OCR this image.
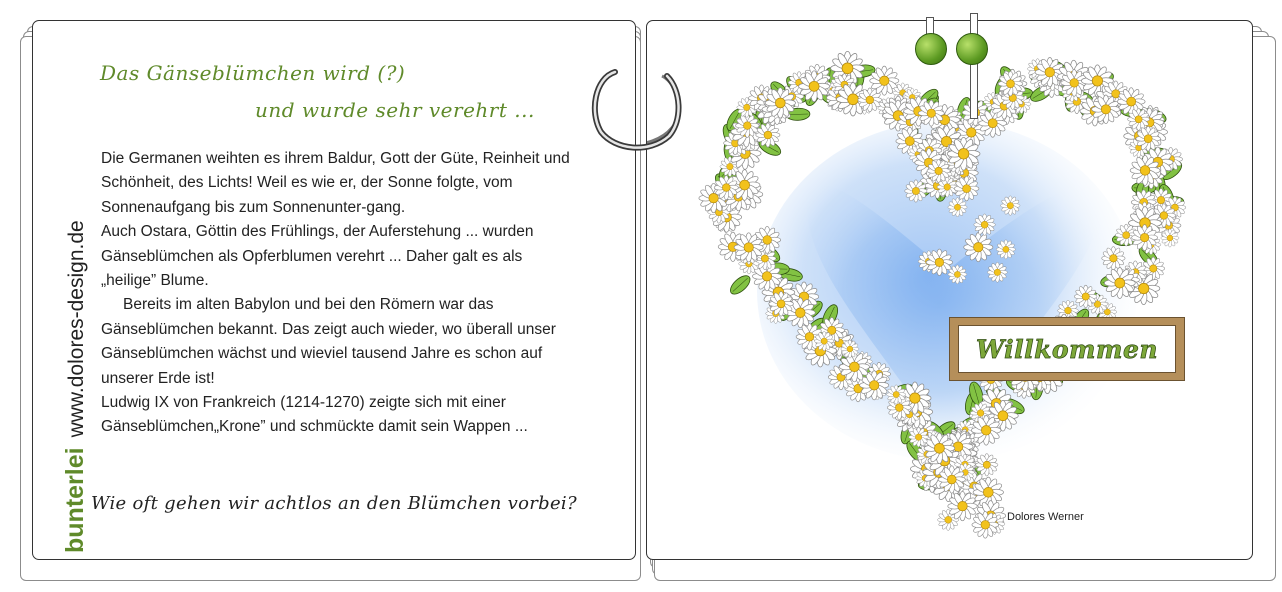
Das Gänseblümchen wird (?)
und wurde sehr verehrt ...

Die Germanen weihten es ihrem Baldur, Gott der Güte, Reinheit und Schönheit, des Lichts! Weil es wie er, der Sonne folgte, vom Sonnenaufgang bis zum Sonnenunter-gang.

Auch Ostara, Göttin des Frühlings, der Auferstehung ... wurden Gänseblümchen als Opferblumen verehrt ... Daher galt es als „heilige” Blume.

Bereits im alten Babylon und bei den Römern war das Gänseblümchen bekannt. Das zeigt auch wieder, wo überall unser Gänseblümchen wächst und wieviel tausend Jahre es schon auf unserer Erde ist!

Ludwig IX von Frankreich (1214-1270) zeigte sich mit einer Gänseblümchen„Krone” und schmückte damit sein Wappen ...

Wie oft gehen wir achtlos an den Blümchen vorbei?
bunterleiwww.dolores-design.de	Willkommen
Dolores Werner
